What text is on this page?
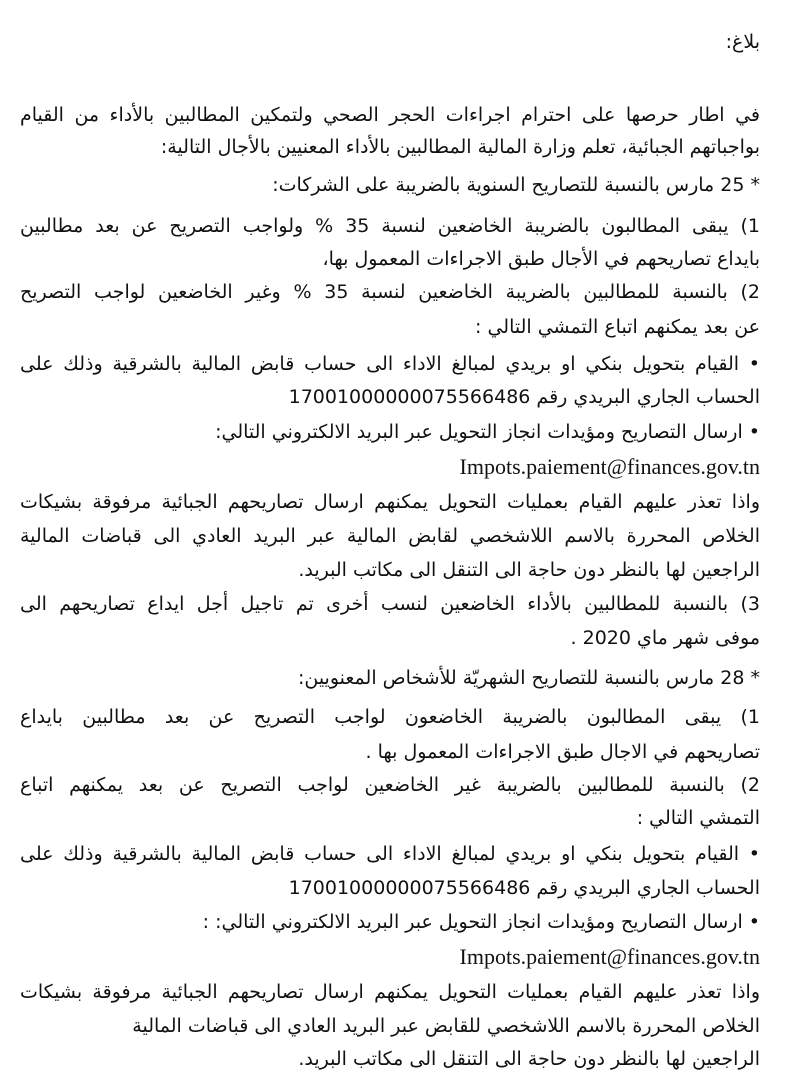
بلاغ:
في اطار حرصها على احترام اجراءات الحجر الصحي ولتمكين المطالبين بالأداء من القيام
بواجباتهم الجبائية، تعلم وزارة المالية المطالبين بالأداء المعنيين بالأجال التالية:
* 25 مارس بالنسبة للتصاريح السنوية بالضريبة على الشركات:
1) يبقى المطالبون بالضريبة الخاضعين لنسبة 35 % ولواجب التصريح عن بعد مطالبين
بايداع تصاريحهم في الأجال طبق الاجراءات المعمول بها،
2) بالنسبة للمطالبين بالضريبة الخاضعين لنسبة 35 % وغير الخاضعين لواجب التصريح
عن بعد يمكنهم اتباع التمشي التالي :
• القيام بتحويل بنكي او بريدي لمبالغ الاداء الى حساب قابض المالية بالشرقية وذلك على
الحساب الجاري البريدي رقم 17001000000075566486
• ارسال التصاريح ومؤيدات انجاز التحويل عبر البريد الالكتروني التالي:
Impots.paiement@finances.gov.tn
واذا تعذر عليهم القيام بعمليات التحويل يمكنهم ارسال تصاريحهم الجبائية مرفوقة بشيكات
الخلاص المحررة بالاسم اللاشخصي لقابض المالية عبر البريد العادي الى قباضات المالية
الراجعين لها بالنظر دون حاجة الى التنقل الى مكاتب البريد.
3) بالنسبة للمطالبين بالأداء الخاضعين لنسب أخرى تم تاجيل أجل ايداع تصاريحهم الى
موفى شهر ماي 2020 .
* 28 مارس بالنسبة للتصاريح الشهريّة للأشخاص المعنويين:
1) يبقى المطالبون بالضريبة الخاضعون لواجب التصريح عن بعد مطالبين بايداع
تصاريحهم في الاجال طبق الاجراءات المعمول بها .
2) بالنسبة للمطالبين بالضريبة غير الخاضعين لواجب التصريح عن بعد يمكنهم اتباع
التمشي التالي :
• القيام بتحويل بنكي او بريدي لمبالغ الاداء الى حساب قابض المالية بالشرقية وذلك على
الحساب الجاري البريدي رقم 17001000000075566486
• ارسال التصاريح ومؤيدات انجاز التحويل عبر البريد الالكتروني التالي: :
Impots.paiement@finances.gov.tn
واذا تعذر عليهم القيام بعمليات التحويل يمكنهم ارسال تصاريحهم الجبائية مرفوقة بشيكات
الخلاص المحررة بالاسم اللاشخصي للقابض عبر البريد العادي الى قباضات المالية
الراجعين لها بالنظر دون حاجة الى التنقل الى مكاتب البريد.
